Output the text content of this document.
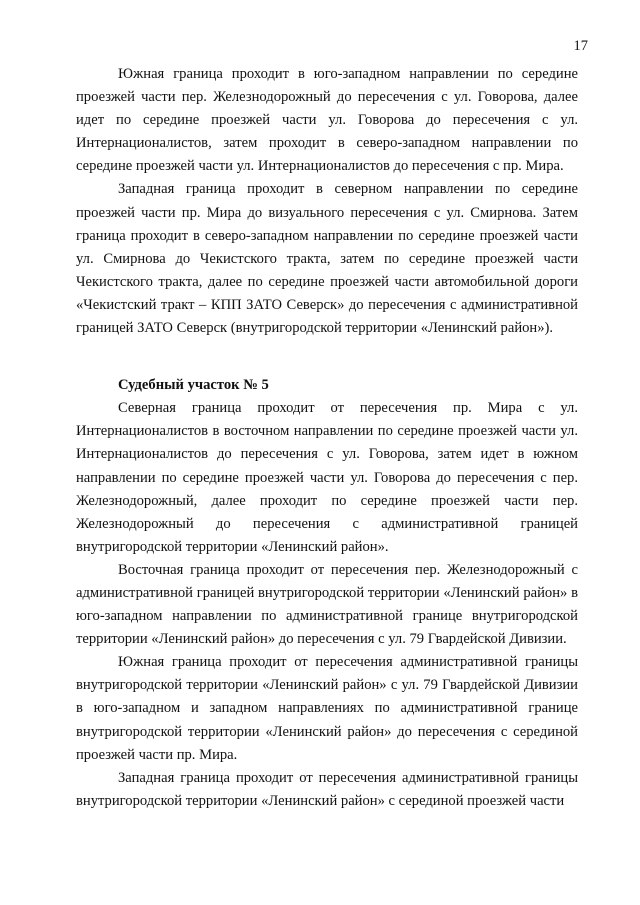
17

Южная граница проходит в юго-западном направлении по середине проезжей части пер. Железнодорожный до пересечения с ул. Говорова, далее идет по середине проезжей части ул. Говорова до пересечения с ул. Интернационалистов, затем проходит в северо-западном направлении по середине проезжей части ул. Интернационалистов до пересечения с пр. Мира.

Западная граница проходит в северном направлении по середине проезжей части пр. Мира до визуального пересечения с ул. Смирнова. Затем граница проходит в северо-западном направлении по середине проезжей части ул. Смирнова до Чекистского тракта, затем по середине проезжей части Чекистского тракта, далее по середине проезжей части автомобильной дороги «Чекистский тракт – КПП ЗАТО Северск» до пересечения с административной границей ЗАТО Северск (внутригородской территории «Ленинский район»).

Судебный участок № 5

Северная граница проходит от пересечения пр. Мира с ул. Интернационалистов в восточном направлении по середине проезжей части ул. Интернационалистов до пересечения с ул. Говорова, затем идет в южном направлении по середине проезжей части ул. Говорова до пересечения с пер. Железнодорожный, далее проходит по середине проезжей части пер. Железнодорожный до пересечения с административной границей внутригородской территории «Ленинский район».

Восточная граница проходит от пересечения пер. Железнодорожный с административной границей внутригородской территории «Ленинский район» в юго-западном направлении по административной границе внутригородской территории «Ленинский район» до пересечения с ул. 79 Гвардейской Дивизии.

Южная граница проходит от пересечения административной границы внутригородской территории «Ленинский район» с ул. 79 Гвардейской Дивизии в юго-западном и западном направлениях по административной границе внутригородской территории «Ленинский район» до пересечения с серединой проезжей части пр. Мира.

Западная граница проходит от пересечения административной границы внутригородской территории «Ленинский район» с серединой проезжей части
